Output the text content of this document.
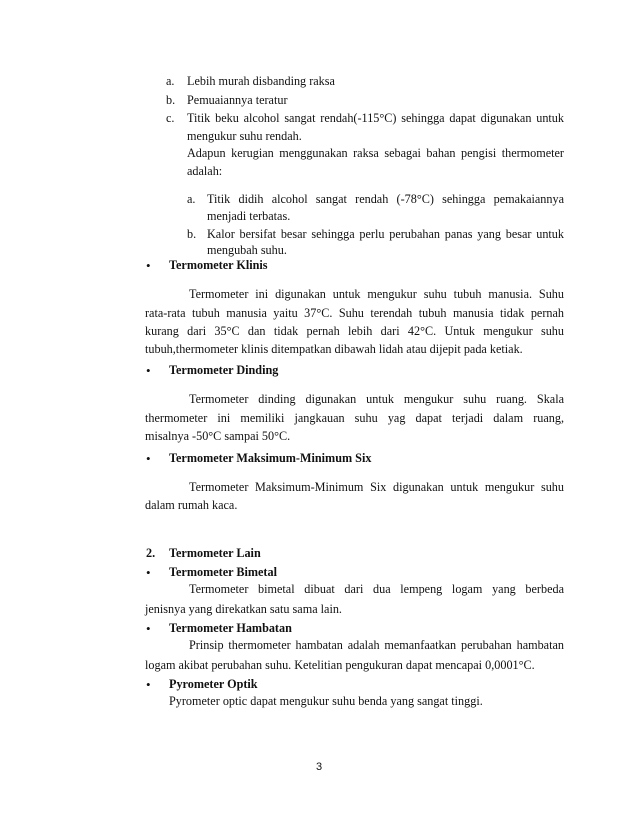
a. Lebih murah disbanding raksa
b. Pemuaiannya teratur
c. Titik beku alcohol sangat rendah(-115°C) sehingga dapat digunakan untuk
mengukur suhu rendah.
Adapun kerugian menggunakan raksa sebagai bahan pengisi thermometer
adalah:
a. Titik didih alcohol sangat rendah (-78°C) sehingga pemakaiannya
menjadi terbatas.
b. Kalor bersifat besar sehingga perlu perubahan panas yang besar untuk
mengubah suhu.
• Termometer Klinis
Termometer ini digunakan untuk mengukur suhu tubuh manusia. Suhu
rata-rata tubuh manusia yaitu 37°C. Suhu terendah tubuh manusia tidak pernah
kurang dari 35°C dan tidak pernah lebih dari 42°C. Untuk mengukur suhu
tubuh,thermometer klinis ditempatkan dibawah lidah atau dijepit pada ketiak.
• Termometer Dinding
Termometer dinding digunakan untuk mengukur suhu ruang. Skala
thermometer ini memiliki jangkauan suhu yag dapat terjadi dalam ruang,
misalnya -50°C sampai 50°C.
• Termometer Maksimum-Minimum Six
Termometer Maksimum-Minimum Six digunakan untuk mengukur suhu
dalam rumah kaca.
2. Termometer Lain
• Termometer Bimetal
Termometer bimetal dibuat dari dua lempeng logam yang berbeda
jenisnya yang direkatkan satu sama lain.
• Termometer Hambatan
Prinsip thermometer hambatan adalah memanfaatkan perubahan hambatan
logam akibat perubahan suhu. Ketelitian pengukuran dapat mencapai 0,0001°C.
• Pyrometer Optik
Pyrometer optic dapat mengukur suhu benda yang sangat tinggi.
3
